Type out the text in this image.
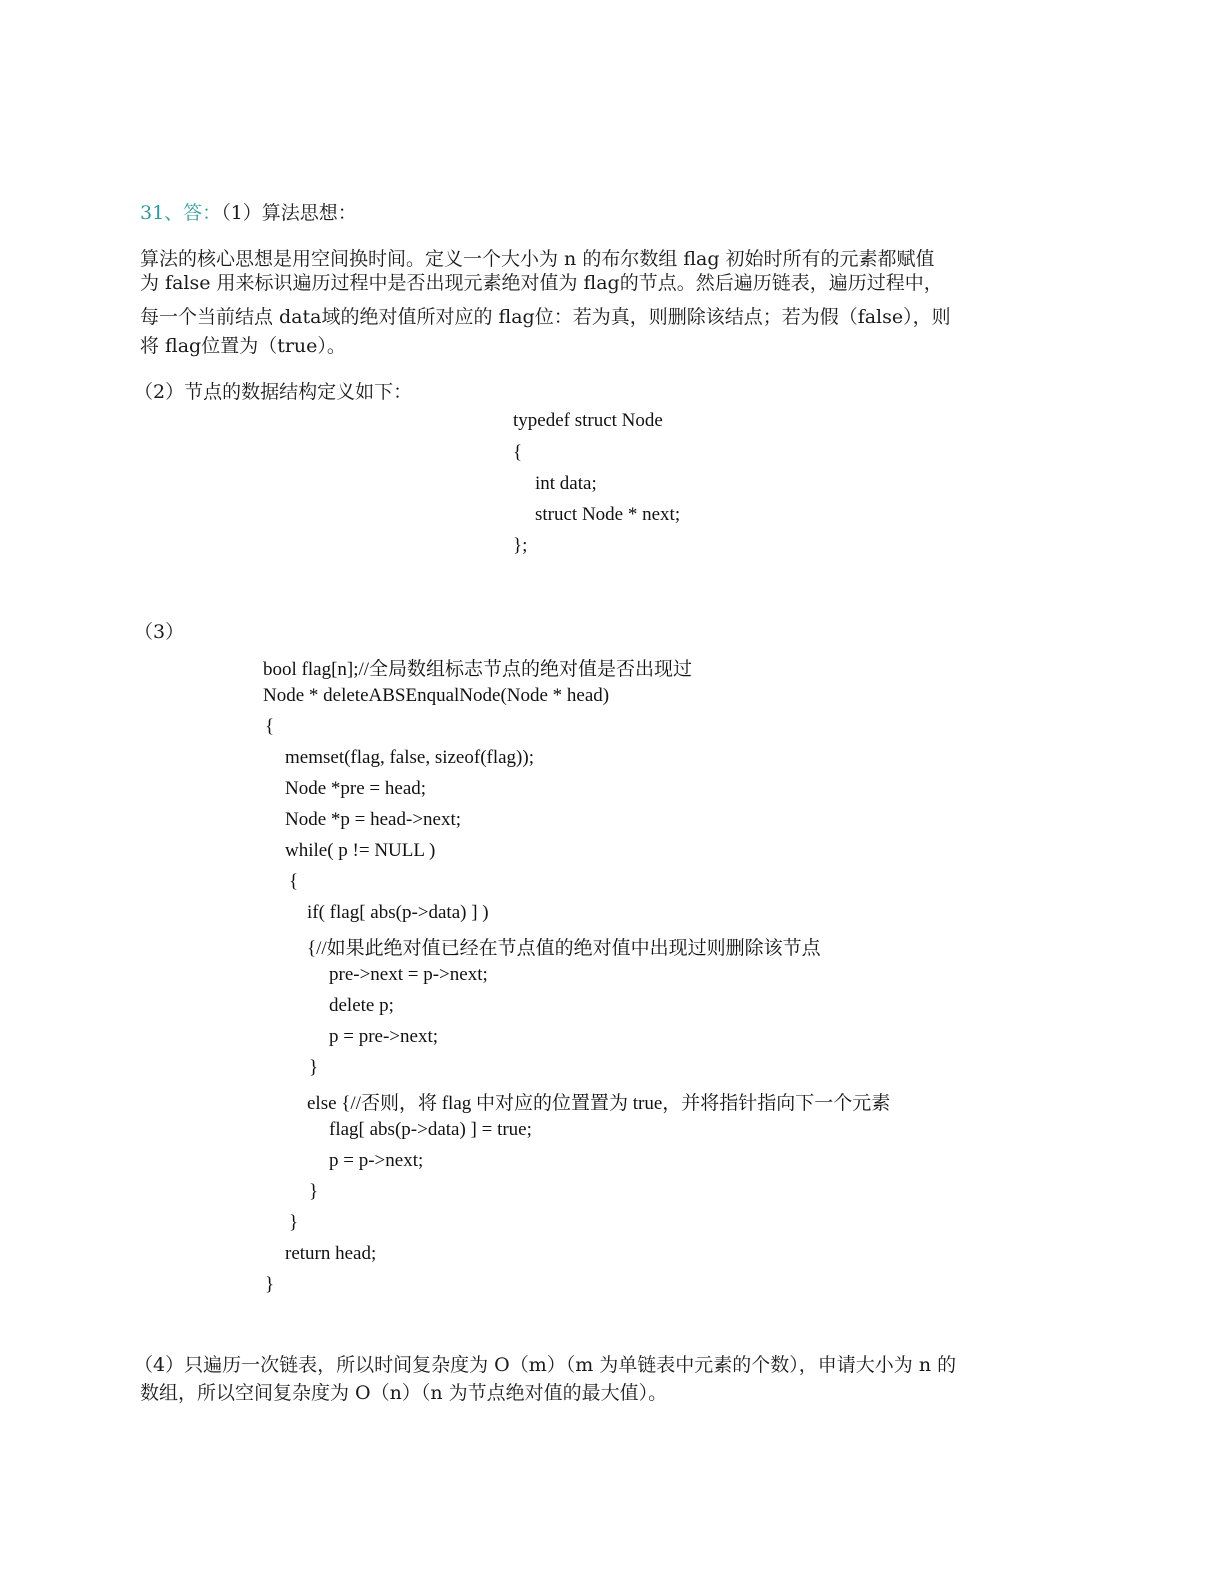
31、答：（1）算法思想：
算法的核心思想是用空间换时间。定义一个大小为 n 的布尔数组 flag 初始时所有的元素都赋值
为 false 用来标识遍历过程中是否出现元素绝对值为 flag的节点。然后遍历链表，遍历过程中，
每一个当前结点 data域的绝对值所对应的 flag位：若为真，则删除该结点；若为假（false），则
将 flag位置为（true）。
（2）节点的数据结构定义如下：
typedef struct Node
{
int data;
struct Node * next;
};
（3）
bool flag[n];//全局数组标志节点的绝对值是否出现过
Node * deleteABSEnqualNode(Node * head)
{
memset(flag, false, sizeof(flag));
Node *pre = head;
Node *p = head->next;
while( p != NULL )
{
if( flag[ abs(p->data) ] )
{//如果此绝对值已经在节点值的绝对值中出现过则删除该节点
pre->next = p->next;
delete p;
p = pre->next;
}
else {//否则，将 flag 中对应的位置置为 true，并将指针指向下一个元素
flag[ abs(p->data) ] = true;
p = p->next;
}
}
return head;
}
（4）只遍历一次链表，所以时间复杂度为 O（m）（m 为单链表中元素的个数），申请大小为 n 的
数组，所以空间复杂度为 O（n）（n 为节点绝对值的最大值）。
